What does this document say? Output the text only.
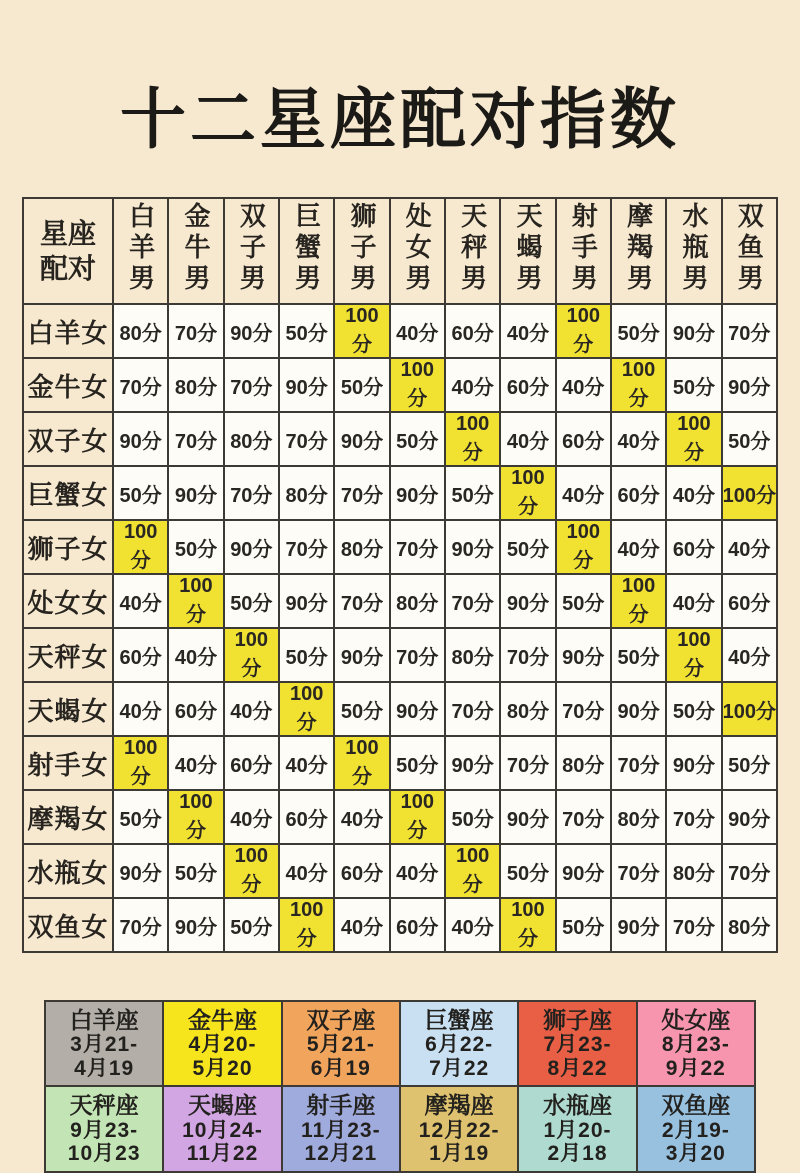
十二星座配对指数
星座配对	白羊男	金牛男	双子男	巨蟹男	狮子男	处女男	天秤男	天蝎男	射手男	摩羯男	水瓶男	双鱼男
白羊女	80分	70分	90分	50分	100分	40分	60分	40分	100分	50分	90分	70分
金牛女	70分	80分	70分	90分	50分	100分	40分	60分	40分	100分	50分	90分
双子女	90分	70分	80分	70分	90分	50分	100分	40分	60分	40分	100分	50分
巨蟹女	50分	90分	70分	80分	70分	90分	50分	100分	40分	60分	40分	100分
狮子女	100分	50分	90分	70分	80分	70分	90分	50分	100分	40分	60分	40分
处女女	40分	100分	50分	90分	70分	80分	70分	90分	50分	100分	40分	60分
天秤女	60分	40分	100分	50分	90分	70分	80分	70分	90分	50分	100分	40分
天蝎女	40分	60分	40分	100分	50分	90分	70分	80分	70分	90分	50分	100分
射手女	100分	40分	60分	40分	100分	50分	90分	70分	80分	70分	90分	50分
摩羯女	50分	100分	40分	60分	40分	100分	50分	90分	70分	80分	70分	90分
水瓶女	90分	50分	100分	40分	60分	40分	100分	50分	90分	70分	80分	70分
双鱼女	70分	90分	50分	100分	40分	60分	40分	100分	50分	90分	70分	80分
白羊座
3月21-
4月19
金牛座
4月20-
5月20
双子座
5月21-
6月19
巨蟹座
6月22-
7月22
狮子座
7月23-
8月22
处女座
8月23-
9月22
天秤座
9月23-
10月23
天蝎座
10月24-
11月22
射手座
11月23-
12月21
摩羯座
12月22-
1月19
水瓶座
1月20-
2月18
双鱼座
2月19-
3月20
